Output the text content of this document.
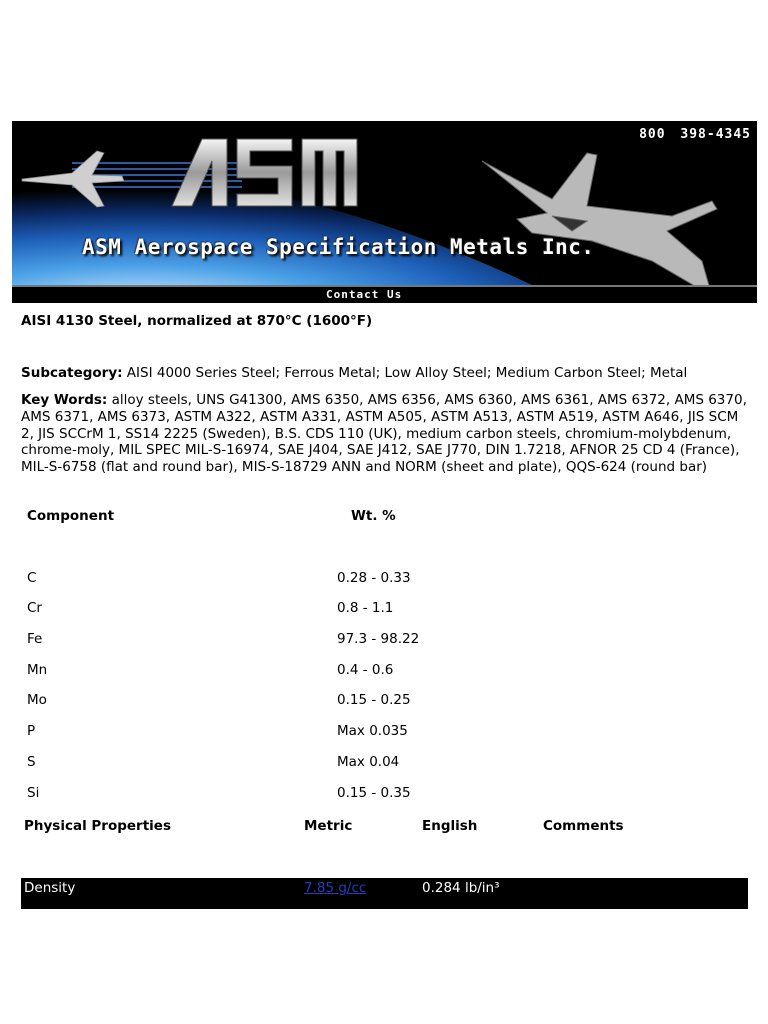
800 398-4345
ASM Aerospace Specification Metals Inc.
Contact Us
AISI 4130 Steel, normalized at 870°C (1600°F)
Subcategory: AISI 4000 Series Steel; Ferrous Metal; Low Alloy Steel; Medium Carbon Steel; Metal
Key Words: alloy steels, UNS G41300, AMS 6350, AMS 6356, AMS 6360, AMS 6361, AMS 6372, AMS 6370, AMS 6371, AMS 6373, ASTM A322, ASTM A331, ASTM A505, ASTM A513, ASTM A519, ASTM A646, JIS SCM 2, JIS SCCrM 1, SS14 2225 (Sweden), B.S. CDS 110 (UK), medium carbon steels, chromium-molybdenum, chrome-moly, MIL SPEC MIL-S-16974, SAE J404, SAE J412, SAE J770, DIN 1.7218, AFNOR 25 CD 4 (France), MIL-S-6758 (flat and round bar), MIS-S-18729 ANN and NORM (sheet and plate), QQS-624 (round bar)
Component	Wt. %
C	0.28 - 0.33
Cr	0.8 - 1.1
Fe	97.3 - 98.22
Mn	0.4 - 0.6
Mo	0.15 - 0.25
P	Max 0.035
S	Max 0.04
Si	0.15 - 0.35
Physical Properties	Metric	English	Comments
Density	7.85 g/cc	0.284 lb/in³
